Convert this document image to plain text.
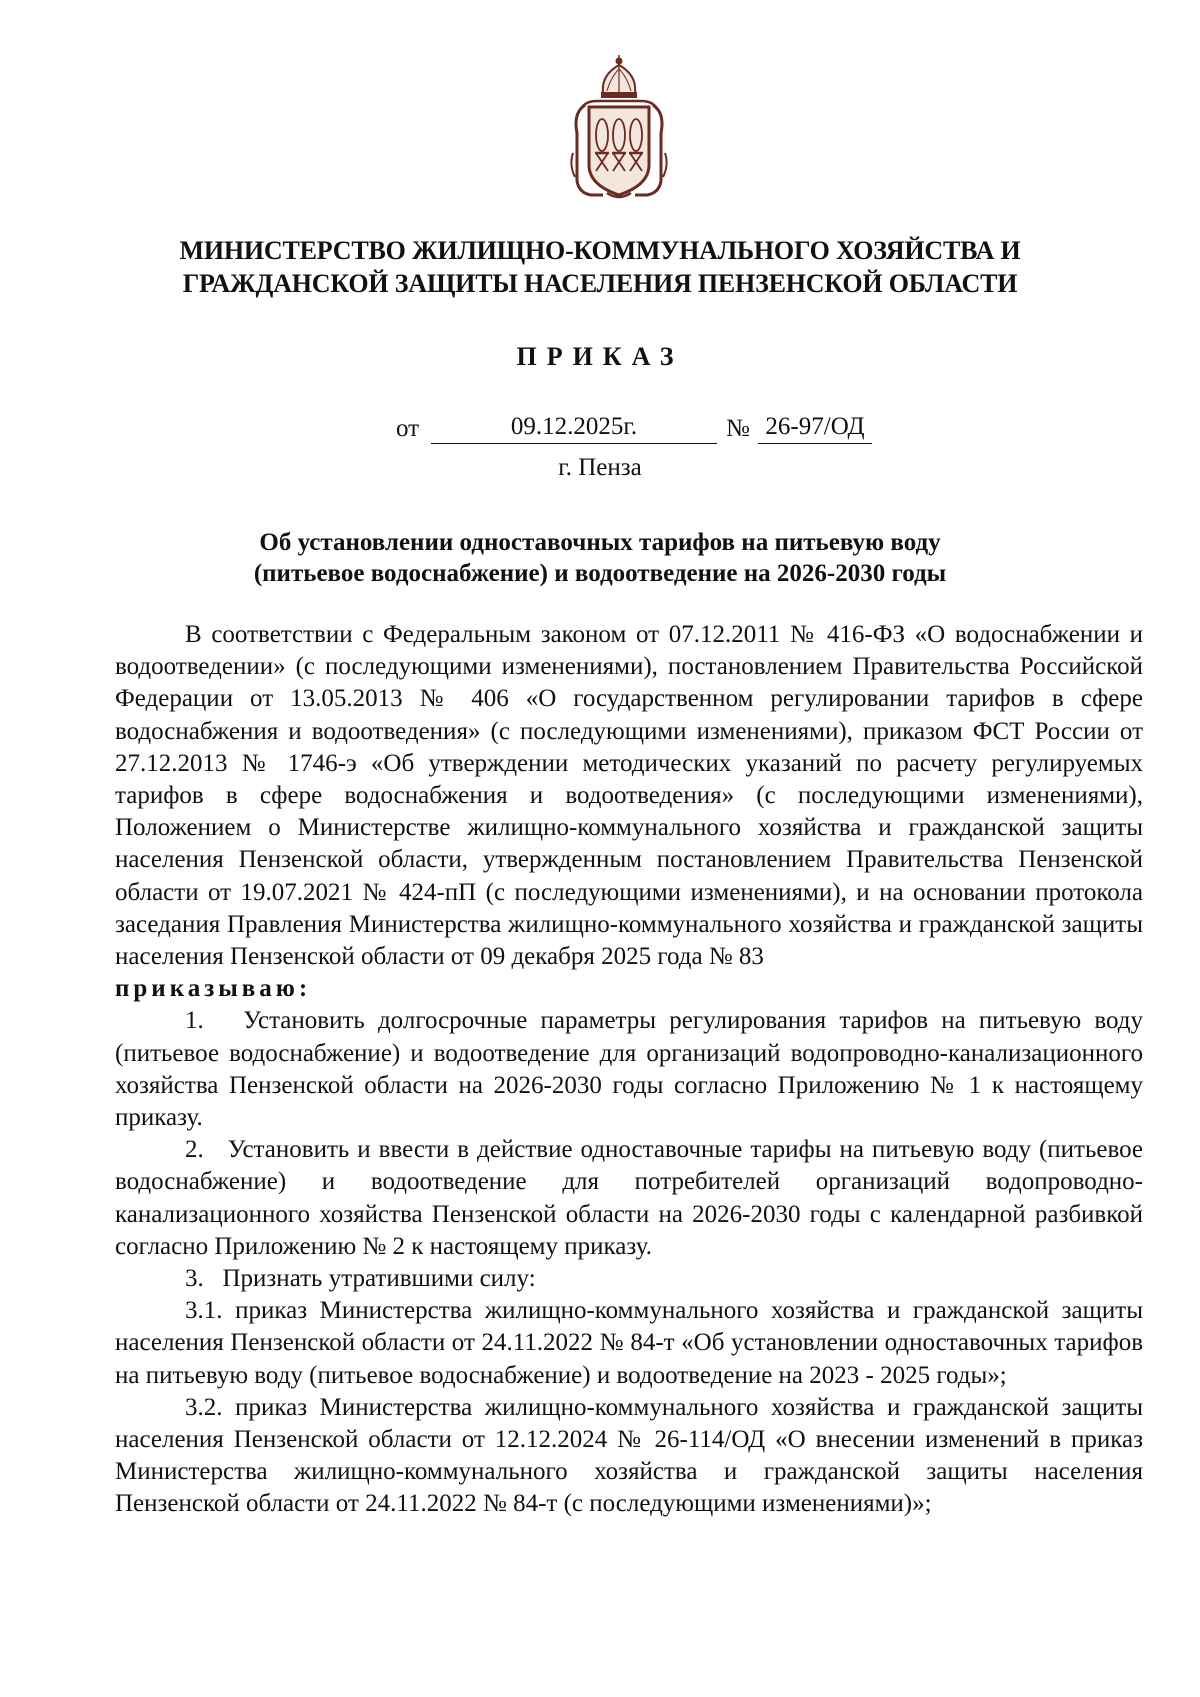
МИНИСТЕРСТВО ЖИЛИЩНО-КОММУНАЛЬНОГО ХОЗЯЙСТВА И
ГРАЖДАНСКОЙ ЗАЩИТЫ НАСЕЛЕНИЯ ПЕНЗЕНСКОЙ ОБЛАСТИ
ПРИКАЗ
от	09.12.2025г.	№ 26-97/ОД
г. Пенза
Об установлении одноставочных тарифов на питьевую воду
(питьевое водоснабжение) и водоотведение на 2026-2030 годы

В соответствии с Федеральным законом от 07.12.2011 № 416-ФЗ «О водоснабжении и водоотведении» (с последующими изменениями), постановлением Правительства Российской Федерации от 13.05.2013 № 406 «О государственном регулировании тарифов в сфере водоснабжения и водоотведения» (с последующими изменениями), приказом ФСТ России от 27.12.2013 № 1746-э «Об утверждении методических указаний по расчету регулируемых тарифов в сфере водоснабжения и водоотведения» (с последующими изменениями), Положением о Министерстве жилищно-коммунального хозяйства и гражданской защиты населения Пензенской области, утвержденным постановлением Правительства Пензенской области от 19.07.2021 № 424-пП (с последующими изменениями), и на основании протокола заседания Правления Министерства жилищно-коммунального хозяйства и гражданской защиты населения Пензенской области от 09 декабря 2025 года № 83

приказываю:

1.   Установить долгосрочные параметры регулирования тарифов на питьевую воду (питьевое водоснабжение) и водоотведение для организаций водопроводно-канализационного хозяйства Пензенской области на 2026-2030 годы согласно Приложению № 1 к настоящему приказу.

2.   Установить и ввести в действие одноставочные тарифы на питьевую воду (питьевое водоснабжение) и водоотведение для потребителей организаций водопроводно-канализационного хозяйства Пензенской области на 2026-2030 годы с календарной разбивкой согласно Приложению № 2 к настоящему приказу.

3.   Признать утратившими силу:

3.1. приказ Министерства жилищно-коммунального хозяйства и гражданской защиты населения Пензенской области от 24.11.2022 № 84-т «Об установлении одноставочных тарифов на питьевую воду (питьевое водоснабжение) и водоотведение на 2023 - 2025 годы»;

3.2. приказ Министерства жилищно-коммунального хозяйства и гражданской защиты населения Пензенской области от 12.12.2024 № 26-114/ОД «О внесении изменений в приказ Министерства жилищно-коммунального хозяйства и гражданской защиты населения Пензенской области от 24.11.2022 № 84-т (с последующими изменениями)»;
